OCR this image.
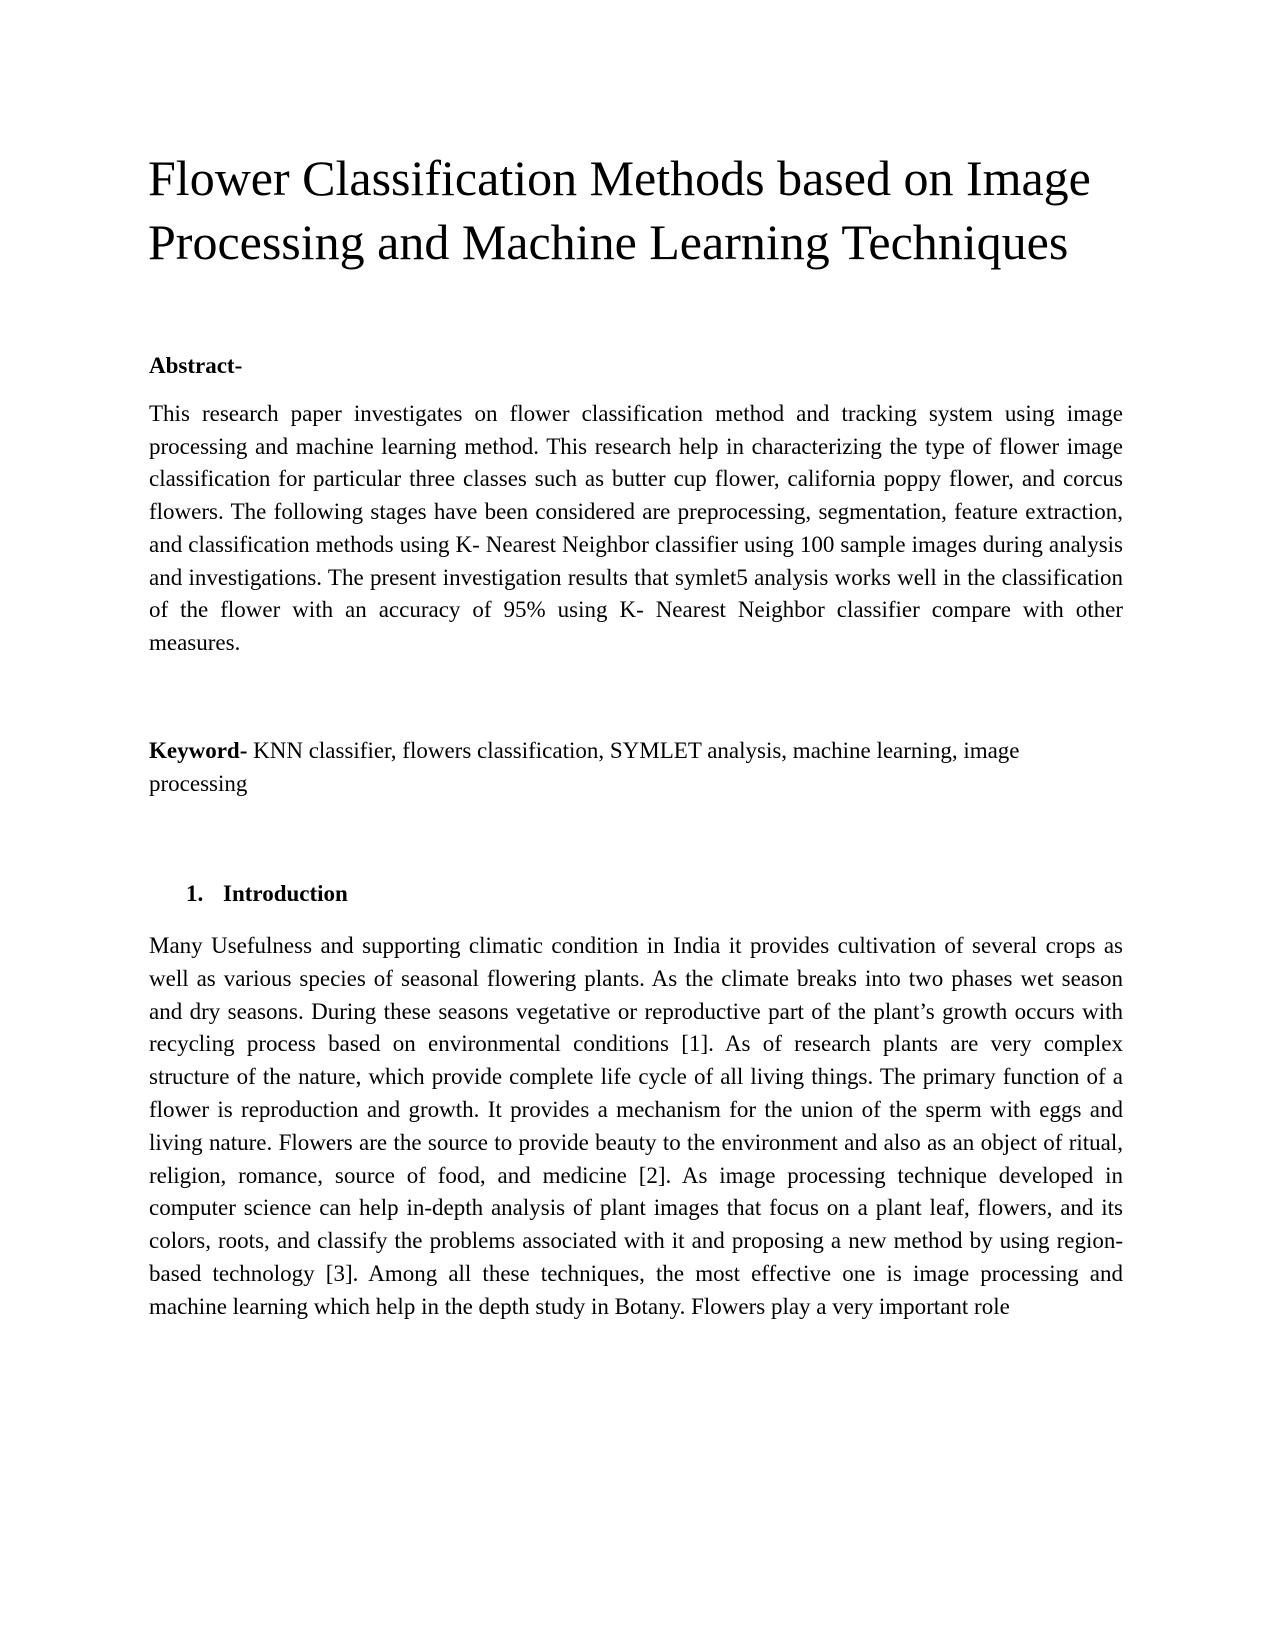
Flower Classification Methods based on Image Processing and Machine Learning Techniques
Abstract-

This research paper investigates on flower classification method and tracking system using image processing and machine learning method. This research help in characterizing the type of flower image classification for particular three classes such as butter cup flower, california poppy flower, and corcus flowers. The following stages have been considered are preprocessing, segmentation, feature extraction, and classification methods using K- Nearest Neighbor classifier using 100 sample images during analysis and investigations. The present investigation results that symlet5 analysis works well in the classification of the flower with an accuracy of 95% using K- Nearest Neighbor classifier compare with other measures.

Keyword- KNN classifier, flowers classification, SYMLET analysis, machine learning, image processing

1. Introduction

Many Usefulness and supporting climatic condition in India it provides cultivation of several crops as well as various species of seasonal flowering plants. As the climate breaks into two phases wet season and dry seasons. During these seasons vegetative or reproductive part of the plant’s growth occurs with recycling process based on environmental conditions [1]. As of research plants are very complex structure of the nature, which provide complete life cycle of all living things. The primary function of a flower is reproduction and growth. It provides a mechanism for the union of the sperm with eggs and living nature. Flowers are the source to provide beauty to the environment and also as an object of ritual, religion, romance, source of food, and medicine [2]. As image processing technique developed in computer science can help in-depth analysis of plant images that focus on a plant leaf, flowers, and its colors, roots, and classify the problems associated with it and proposing a new method by using region-based technology [3]. Among all these techniques, the most effective one is image processing and machine learning which help in the depth study in Botany. Flowers play a very important role
